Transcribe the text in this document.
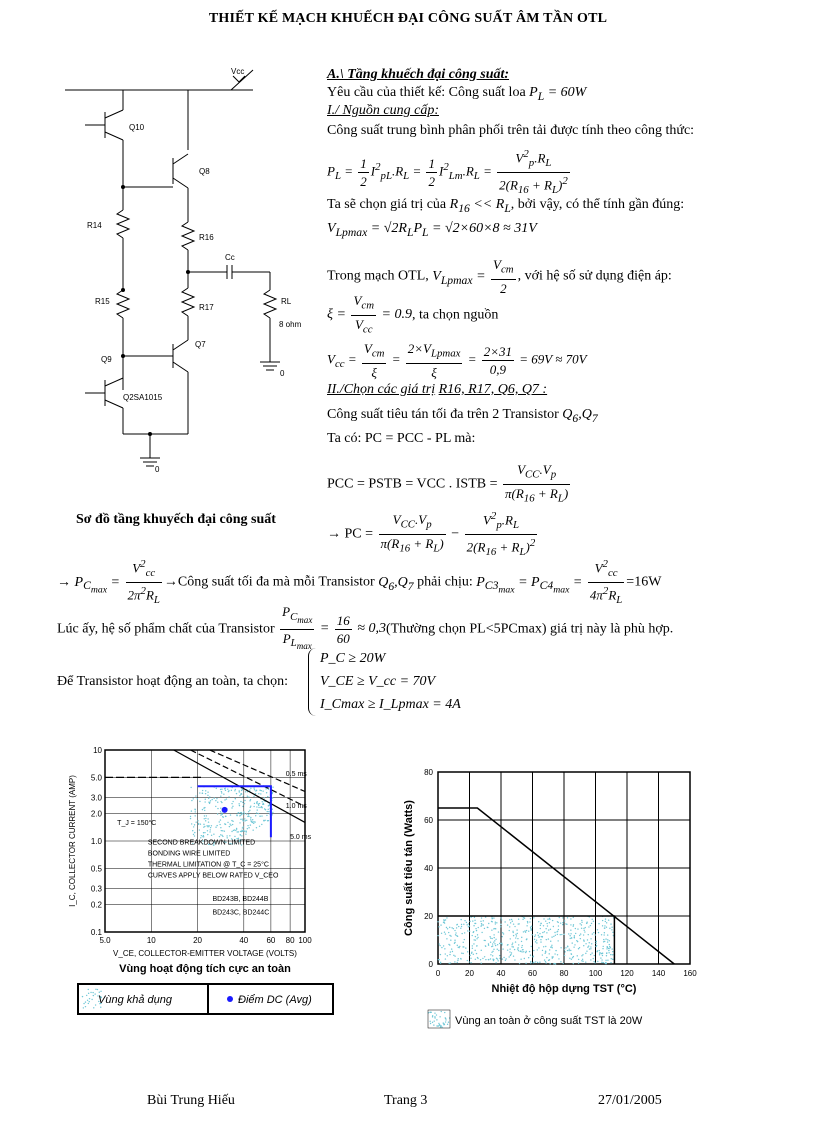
THIẾT KẾ MẠCH KHUẾCH ĐẠI CÔNG SUẤT ÂM TẦN OTL
Vcc
Q10
Q8
R14
R16
Cc
R15
R17
RL
8 ohm
Q7
Q9
Q2SA1015
0
0
Sơ đồ tầng khuyếch đại công suất
A.\ Tầng khuếch đại công suất:
Yêu cầu của thiết kế: Công suất loa $P_L = 60W$
I./ Nguồn cung cấp:
Công suất trung bình phân phối trên tải được tính theo công thức:
$P_L = \frac{1}{2} I^2_{pL}.R_L = \frac{1}{2} I^2_{Lm}.R_L = \frac{V^2_p.R_L}{2(R_{16} + R_L)^2}$
Ta sẽ chọn giá trị của $R_{16} << R_L$, bởi vậy, có thể tính gần đúng:
$V_{Lpmax} = √2R_LP_L = √2\times 60\times 8 \approx 31V$
Trong mạch OTL, $V_{Lpmax} = \frac{V_{cm}}{2}$ , với hệ số sử dụng điện áp:
$\xi = \frac{V_{cm}}{V_{cc}} = 0.9$, ta chọn nguồn
$V_{cc} = \frac{V_{cm}}{\xi} = \frac{2\times V_{Lpmax}}{\xi} = \frac{2\times 31}{0,9} = 69V \approx 70V$
II./Chọn các giá trị R16, R17, Q6, Q7 :
Công suất tiêu tán tối đa trên 2 Transistor $Q_6,Q_7$
Ta có: PC = PCC - PL mà:
PCC = PSTB = VCC . ISTB = $\frac{V_{CC}.V_p}{\pi(R_{16} + R_L)}$
→ PC = $\frac{V_{CC}.V_p}{\pi(R_{16} + R_L)} - \frac{V^2_p.R_L}{2(R_{16} + R_L)^2}$
→ $P_{C_{max}} = \frac{V^2_{cc}}{2\pi^2R_L}$ →Công suất tối đa mà mỗi Transistor $Q_6,Q_7$ phải chịu: $P_{C3_{max}} = P_{C4_{max}} = \frac{V^2_{cc}}{4\pi^2R_L} =16W$
Lúc ấy, hệ số phẩm chất của Transistor $\frac{P_{C_{max}}}{P_{L_{max}}} = \frac{16}{60}$ ≈ 0,3(Thường chọn PL<5PCmax) giá trị này là phù hợp.
Để Transistor hoạt động an toàn, ta chọn:
P_C ≥ 20W
V_CE ≥ V_cc = 70V
I_Cmax ≥ I_Lpmax = 4A
5.0	10	20	40 60 80 100
10
5.0
3.0
2.0
1.0
0.5
0.3
0.2
0.1
T_J = 150°C
0.5 ms
1.0 ms
5.0 ms
BD243B, BD244B
BD243C, BD244C
SECOND BREAKDOWN LIMITED
BONDING WIRE LIMITED
THERMAL LIMITATION @ T_C = 25°C
CURVES APPLY BELOW RATED V_CEO
V_CE, COLLECTOR-EMITTER VOLTAGE (VOLTS)
I_C, COLLECTOR CURRENT (AMP)
Vùng hoạt động tích cực an toàn
Vùng khả dụng	Điểm DC (Avg)
0	20	40	60	80	100 120 140 160
0
20
40
60
80
Nhiệt độ hộp dựng TST (°C)
Công suất tiêu tán (Watts)
Vùng an toàn ở công suất TST là 20W
Bùi Trung Hiếu	Trang 3	27/01/2005
